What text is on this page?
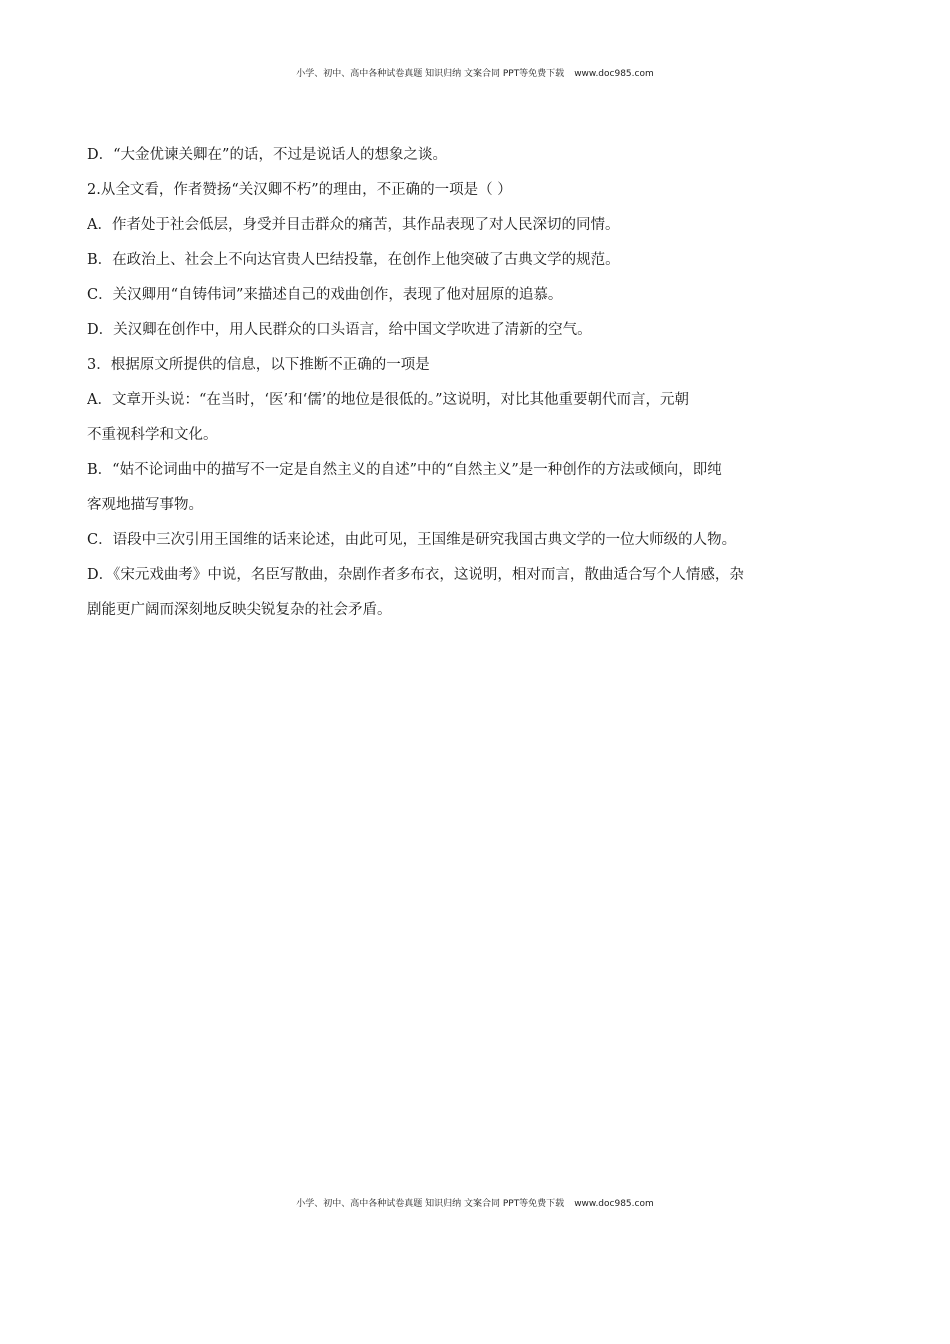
小学、初中、高中各种试卷真题 知识归纳 文案合同 PPT等免费下载 www.doc985.com
D．“大金优谏关卿在”的话，不过是说话人的想象之谈。
2.从全文看，作者赞扬“关汉卿不朽”的理由，不正确的一项是（ ）
A．作者处于社会低层，身受并目击群众的痛苦，其作品表现了对人民深切的同情。
B．在政治上、社会上不向达官贵人巴结投靠，在创作上他突破了古典文学的规范。
C．关汉卿用“自铸伟词”来描述自己的戏曲创作，表现了他对屈原的追慕。
D．关汉卿在创作中，用人民群众的口头语言，给中国文学吹进了清新的空气。
3．根据原文所提供的信息，以下推断不正确的一项是
A．文章开头说：“在当时，‘医’和‘儒’的地位是很低的。”这说明，对比其他重要朝代而言，元朝
不重视科学和文化。
B．“姑不论词曲中的描写不一定是自然主义的自述”中的“自然主义”是一种创作的方法或倾向，即纯
客观地描写事物。
C．语段中三次引用王国维的话来论述，由此可见，王国维是研究我国古典文学的一位大师级的人物。
D．《宋元戏曲考》中说，名臣写散曲，杂剧作者多布衣，这说明，相对而言，散曲适合写个人情感，杂
剧能更广阔而深刻地反映尖锐复杂的社会矛盾。
小学、初中、高中各种试卷真题 知识归纳 文案合同 PPT等免费下载 www.doc985.com
